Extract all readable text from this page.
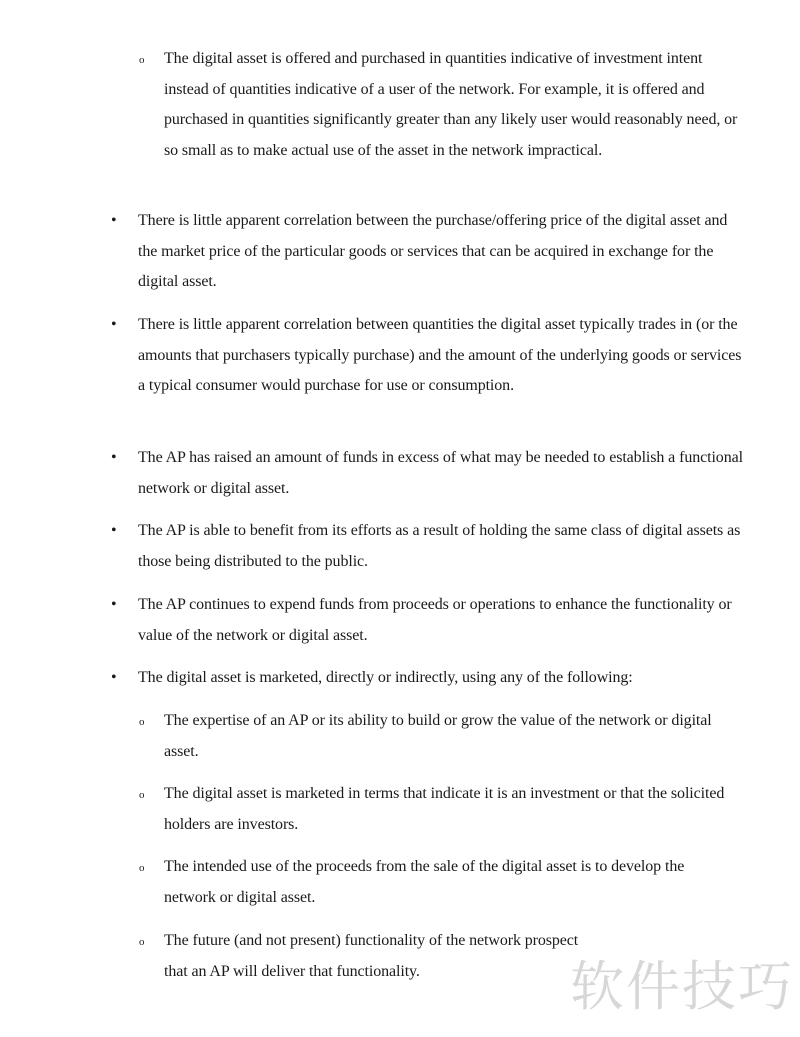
o The digital asset is offered and purchased in quantities indicative of investment intent instead of quantities indicative of a user of the network. For example, it is offered and purchased in quantities significantly greater than any likely user would reasonably need, or so small as to make actual use of the asset in the network impractical.
• There is little apparent correlation between the purchase/offering price of the digital asset and the market price of the particular goods or services that can be acquired in exchange for the digital asset.
• There is little apparent correlation between quantities the digital asset typically trades in (or the amounts that purchasers typically purchase) and the amount of the underlying goods or services a typical consumer would purchase for use or consumption.
• The AP has raised an amount of funds in excess of what may be needed to establish a functional network or digital asset.
• The AP is able to benefit from its efforts as a result of holding the same class of digital assets as those being distributed to the public.
• The AP continues to expend funds from proceeds or operations to enhance the functionality or value of the network or digital asset.
• The digital asset is marketed, directly or indirectly, using any of the following:
o The expertise of an AP or its ability to build or grow the value of the network or digital asset.
o The digital asset is marketed in terms that indicate it is an investment or that the solicited holders are investors.
o The intended use of the proceeds from the sale of the digital asset is to develop the network or digital asset.
o The future (and not present) functionality of the network prospect that an AP will deliver that functionality.	软件技巧
